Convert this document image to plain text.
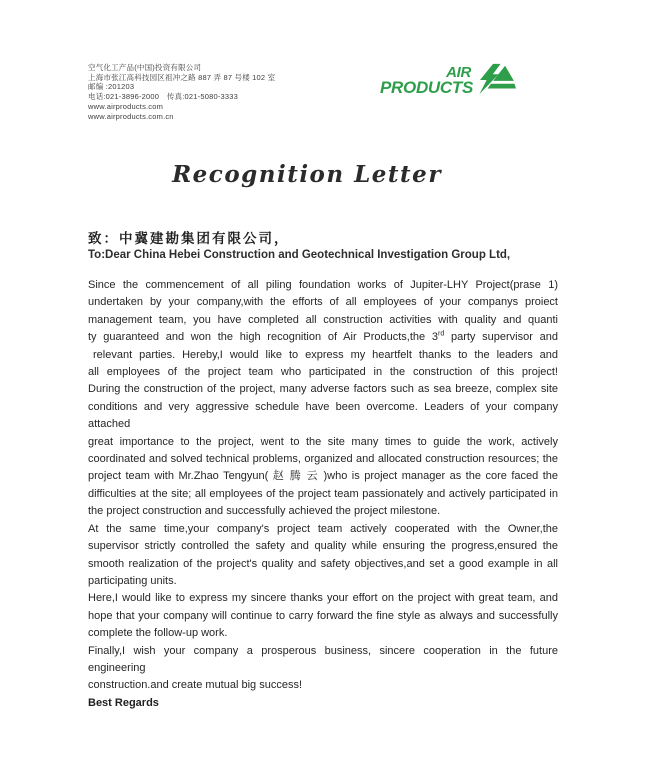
空气化工产品(中国)投资有限公司
上海市张江高科技园区祖冲之路 887 弄 87 号楼 102 室
邮编 :201203
电话:021-3896-2000　传真:021-5080-3333
www.airproducts.com
www.airproducts.com.cn
AIR
PRODUCTS
Recognition Letter
致：中冀建勘集团有限公司，
To:Dear China Hebei Construction and Geotechnical Investigation Group Ltd,
Since the commencement of all piling foundation works of Jupiter-LHY Project(prase 1)
undertaken by your company,with the efforts of all employees of your companys proiect
management team, you have completed all construction activities with quality and quanti
ty guaranteed and won the high recognition of Air Products,the 3rd party supervisor and
relevant parties. Hereby,I would like to express my heartfelt thanks to the leaders and
all employees of the project team who participated in the construction of this project!
During the construction of the project, many adverse factors such as sea breeze, complex site
conditions and very aggressive schedule have been overcome. Leaders of your company attached
great importance to the project, went to the site many times to guide the work, actively
coordinated and solved technical problems, organized and allocated construction resources; the
project team with Mr.Zhao Tengyun( 赵 腾 云 )who is project manager as the core faced the
difficulties at the site; all employees of the project team passionately and actively participated in
the project construction and successfully achieved the project milestone.
At the same time,your company's project team actively cooperated with the Owner,the
supervisor strictly controlled the safety and quality while ensuring the progress,ensured the
smooth realization of the project's quality and safety objectives,and set a good example in all
participating units.
Here,I would like to express my sincere thanks your effort on the project with great team, and
hope that your company will continue to carry forward the fine style as always and successfully
complete the follow-up work.
Finally,I wish your company a prosperous business, sincere cooperation in the future engineering
construction.and create mutual big success!
Best Regards
